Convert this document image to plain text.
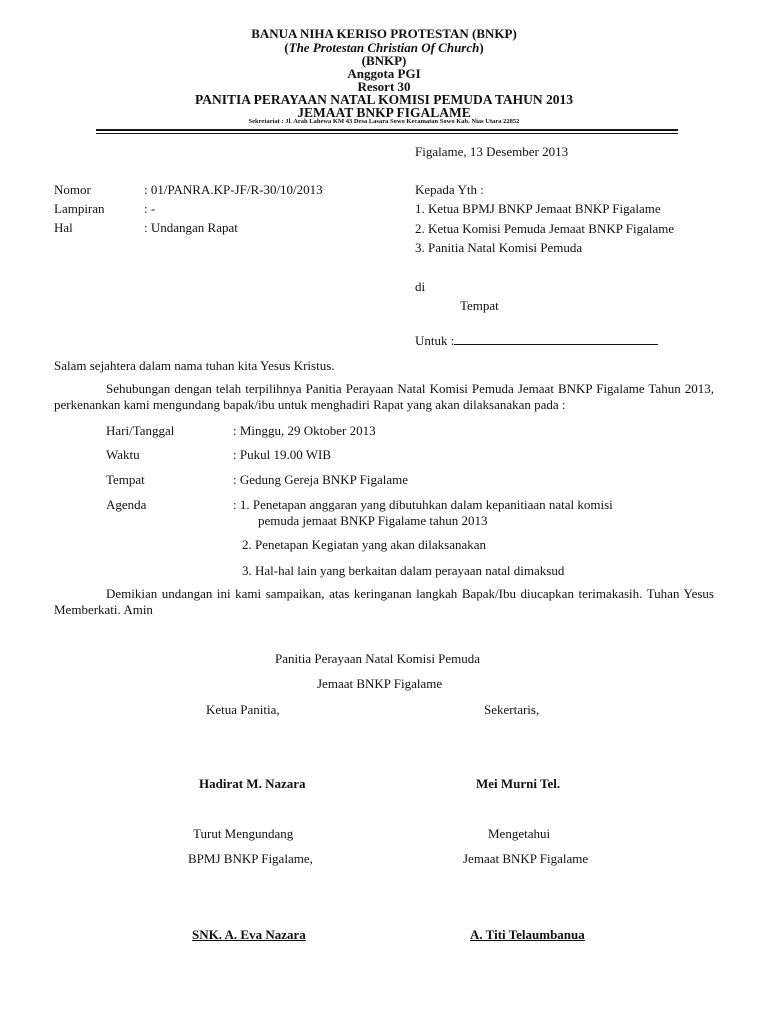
BANUA NIHA KERISO PROTESTAN (BNKP)
(The Protestan Christian Of Church)
(BNKP)
Anggota PGI
Resort 30
PANITIA PERAYAAN NATAL KOMISI PEMUDA TAHUN 2013
JEMAAT BNKP FIGALAME
Sekretariat : Jl. Arah Lahewa KM 43 Desa Lasara Sowo Kecamatan Sowo Kab. Nias Utara 22852
Figalame, 13 Desember 2013
Nomor	: 01/PANRA.KP-JF/R-30/10/2013
Lampiran	: -
Hal	: Undangan Rapat
Kepada Yth :
1. Ketua BPMJ BNKP Jemaat BNKP Figalame
2. Ketua Komisi Pemuda Jemaat BNKP Figalame
3. Panitia Natal Komisi Pemuda
di
Tempat
Untuk :
Salam sejahtera dalam nama tuhan kita Yesus Kristus.
Sehubungan dengan telah terpilihnya Panitia Perayaan Natal Komisi Pemuda Jemaat BNKP Figalame Tahun 2013, perkenankan kami mengundang bapak/ibu untuk menghadiri Rapat yang akan dilaksanakan pada :
Hari/Tanggal	: Minggu, 29 Oktober 2013
Waktu	: Pukul 19.00 WIB
Tempat	: Gedung Gereja BNKP Figalame
Agenda	: 1. Penetapan anggaran yang dibutuhkan dalam kepanitiaan natal komisi
pemuda jemaat BNKP Figalame tahun 2013
2. Penetapan Kegiatan yang akan dilaksanakan
3. Hal-hal lain yang berkaitan dalam perayaan natal dimaksud
Demikian undangan ini kami sampaikan, atas keringanan langkah Bapak/Ibu diucapkan terimakasih. Tuhan Yesus Memberkati. Amin
Panitia Perayaan Natal Komisi Pemuda
Jemaat BNKP Figalame
Ketua Panitia,	Sekertaris,
Hadirat M. Nazara	Mei Murni Tel.
Turut Mengundang	Mengetahui
BPMJ BNKP Figalame,	Jemaat BNKP Figalame
SNK. A. Eva Nazara	A. Titi Telaumbanua
